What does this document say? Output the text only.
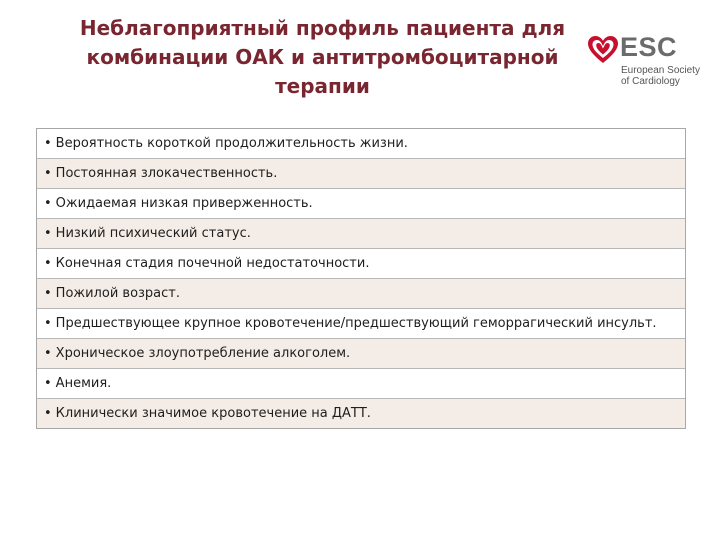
Неблагоприятный профиль пациента для
комбинации ОАК и антитромбоцитарной
терапии
ESC
European Society
of Cardiology
• Вероятность короткой продолжительность жизни.
• Постоянная злокачественность.
• Ожидаемая низкая приверженность.
• Низкий психический статус.
• Конечная стадия почечной недостаточности.
• Пожилой возраст.
• Предшествующее крупное кровотечение/предшествующий геморрагический инсульт.
• Хроническое злоупотребление алкоголем.
• Анемия.
• Клинически значимое кровотечение на ДАТТ.
